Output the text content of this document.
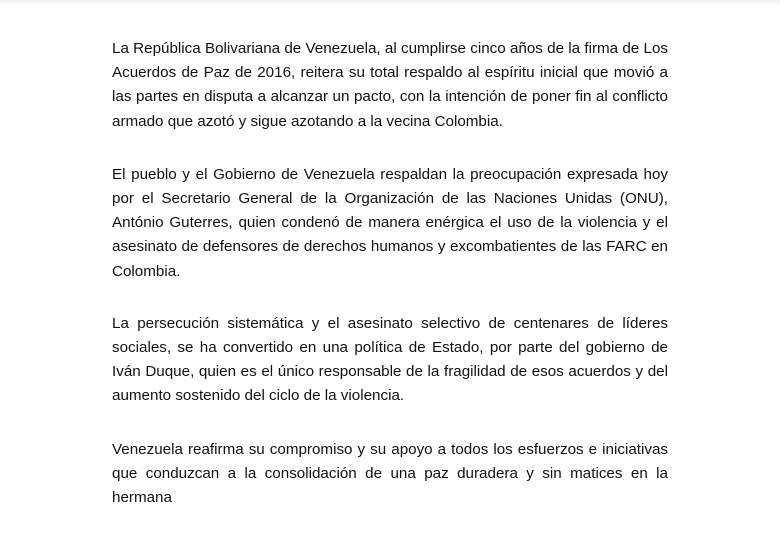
La República Bolivariana de Venezuela, al cumplirse cinco años de la firma de Los Acuerdos de Paz de 2016, reitera su total respaldo al espíritu inicial que movió a las partes en disputa a alcanzar un pacto, con la intención de poner fin al conflicto armado que azotó y sigue azotando a la vecina Colombia.

El pueblo y el Gobierno de Venezuela respaldan la preocupación expresada hoy por el Secretario General de la Organización de las Naciones Unidas (ONU), António Guterres, quien condenó de manera enérgica el uso de la violencia y el asesinato de defensores de derechos humanos y excombatientes de las FARC en Colombia.

La persecución sistemática y el asesinato selectivo de centenares de líderes sociales, se ha convertido en una política de Estado, por parte del gobierno de Iván Duque, quien es el único responsable de la fragilidad de esos acuerdos y del aumento sostenido del ciclo de la violencia.

Venezuela reafirma su compromiso y su apoyo a todos los esfuerzos e iniciativas que conduzcan a la consolidación de una paz duradera y sin matices en la hermana
